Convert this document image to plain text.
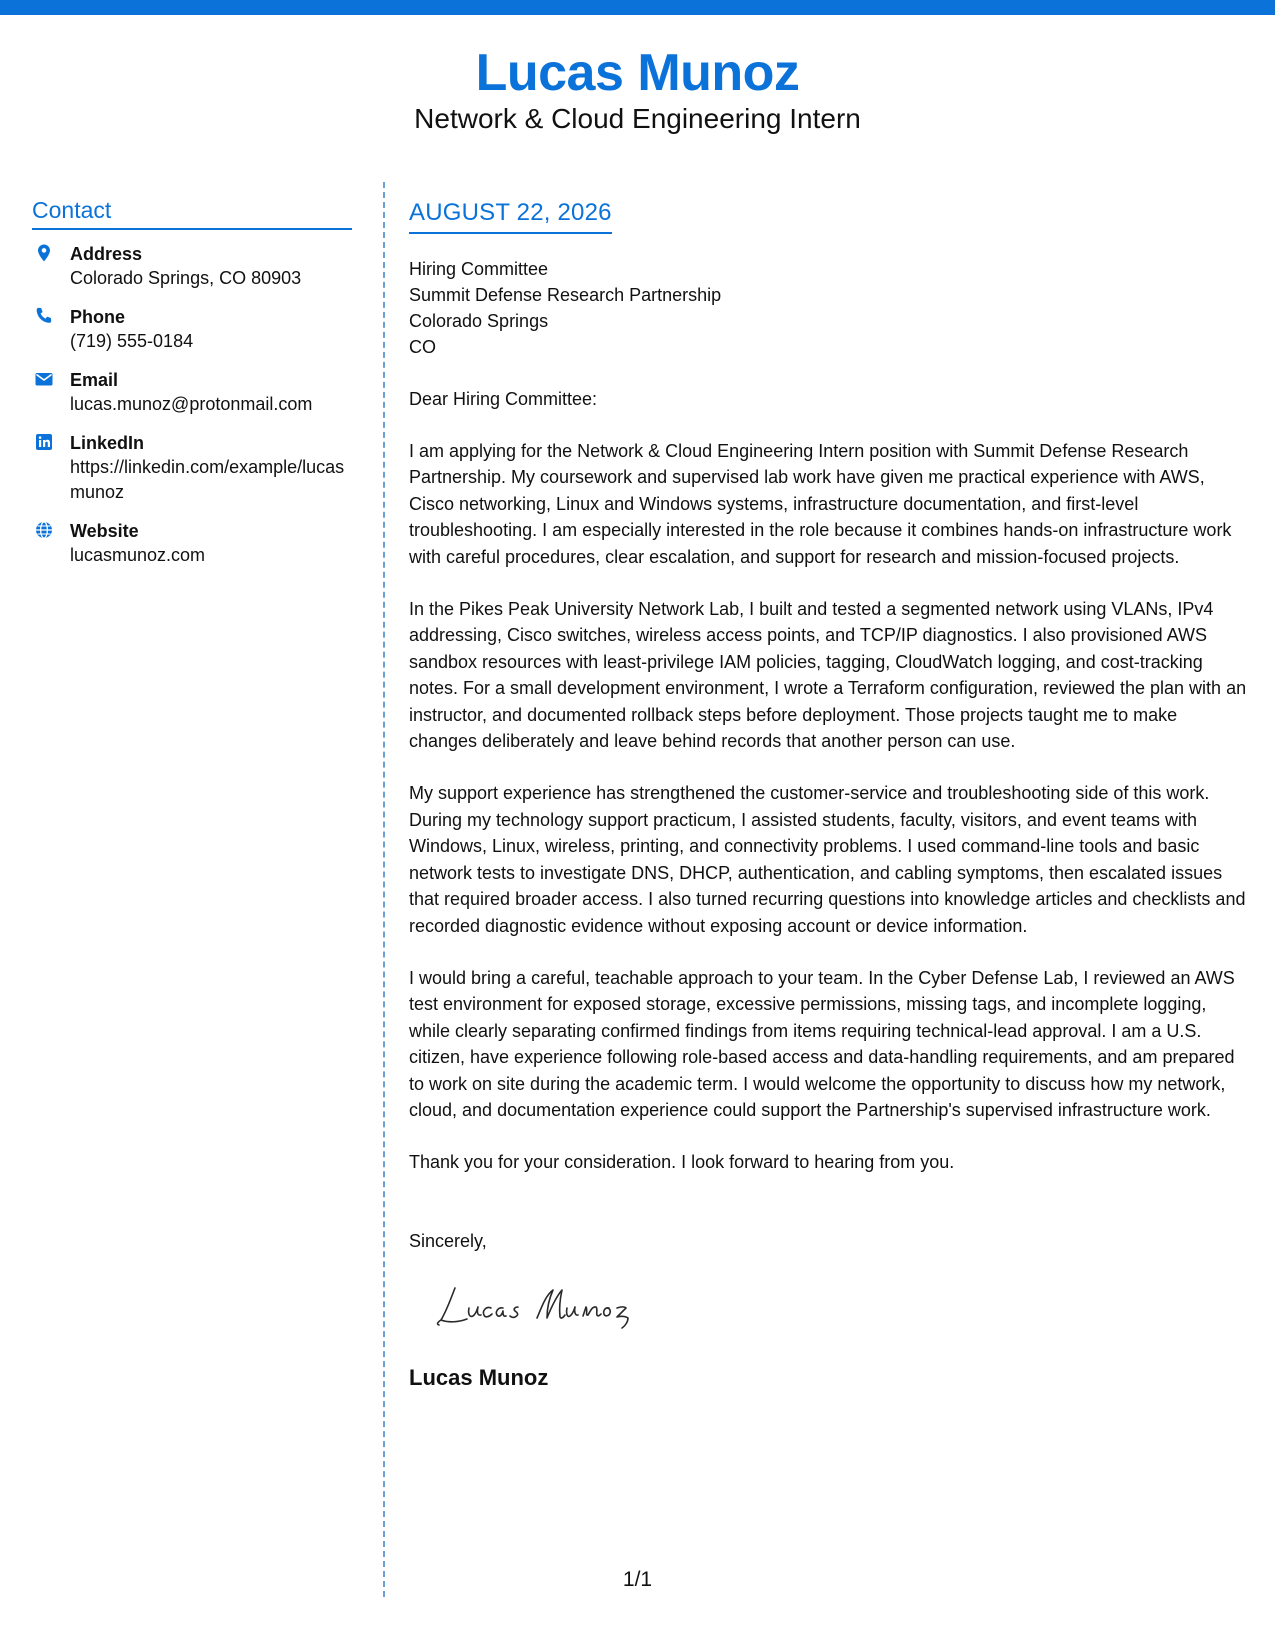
Lucas Munoz
Network & Cloud Engineering Intern
Contact
Address
Colorado Springs, CO 80903
Phone
(719) 555-0184
Email
lucas.munoz@protonmail.com
LinkedIn
https://linkedin.com/example/lucasmunoz
Website
lucasmunoz.com
AUGUST 22, 2026
Hiring Committee
Summit Defense Research Partnership
Colorado Springs
CO
Dear Hiring Committee:
I am applying for the Network & Cloud Engineering Intern position with Summit Defense Research Partnership. My coursework and supervised lab work have given me practical experience with AWS, Cisco networking, Linux and Windows systems, infrastructure documentation, and first-level troubleshooting. I am especially interested in the role because it combines hands-on infrastructure work with careful procedures, clear escalation, and support for research and mission-focused projects.
In the Pikes Peak University Network Lab, I built and tested a segmented network using VLANs, IPv4 addressing, Cisco switches, wireless access points, and TCP/IP diagnostics. I also provisioned AWS sandbox resources with least-privilege IAM policies, tagging, CloudWatch logging, and cost-tracking notes. For a small development environment, I wrote a Terraform configuration, reviewed the plan with an instructor, and documented rollback steps before deployment. Those projects taught me to make changes deliberately and leave behind records that another person can use.
My support experience has strengthened the customer-service and troubleshooting side of this work. During my technology support practicum, I assisted students, faculty, visitors, and event teams with Windows, Linux, wireless, printing, and connectivity problems. I used command-line tools and basic network tests to investigate DNS, DHCP, authentication, and cabling symptoms, then escalated issues that required broader access. I also turned recurring questions into knowledge articles and checklists and recorded diagnostic evidence without exposing account or device information.
I would bring a careful, teachable approach to your team. In the Cyber Defense Lab, I reviewed an AWS test environment for exposed storage, excessive permissions, missing tags, and incomplete logging, while clearly separating confirmed findings from items requiring technical-lead approval. I am a U.S. citizen, have experience following role-based access and data-handling requirements, and am prepared to work on site during the academic term. I would welcome the opportunity to discuss how my network, cloud, and documentation experience could support the Partnership's supervised infrastructure work.
Thank you for your consideration. I look forward to hearing from you.
Sincerely,
Lucas Munoz
1/1
